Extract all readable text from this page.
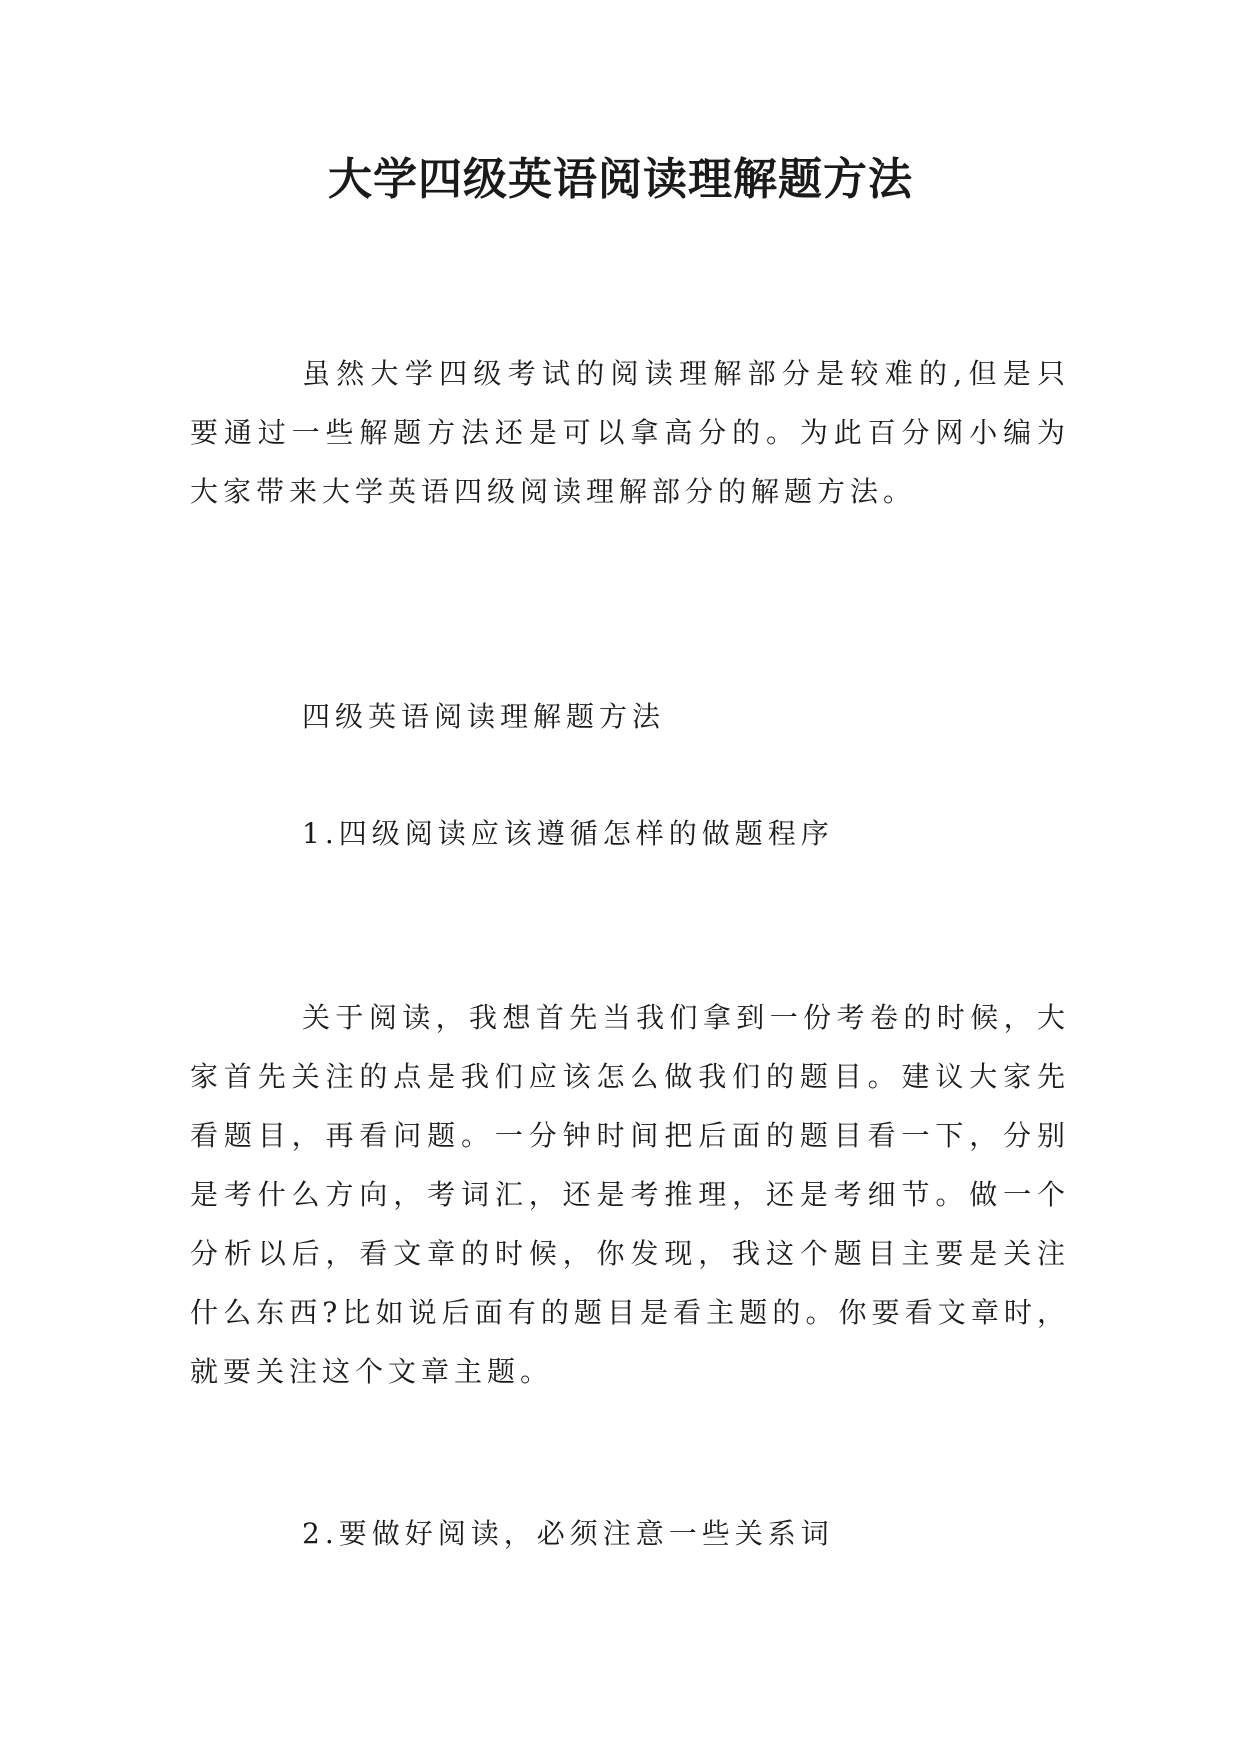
大学四级英语阅读理解题方法

虽然大学四级考试的阅读理解部分是较难的,但是只要通过一些解题方法还是可以拿高分的。为此百分网小编为大家带来大学英语四级阅读理解部分的解题方法。

四级英语阅读理解题方法

1.四级阅读应该遵循怎样的做题程序

关于阅读，我想首先当我们拿到一份考卷的时候，大家首先关注的点是我们应该怎么做我们的题目。建议大家先看题目，再看问题。一分钟时间把后面的题目看一下，分别是考什么方向，考词汇，还是考推理，还是考细节。做一个分析以后，看文章的时候，你发现，我这个题目主要是关注什么东西?比如说后面有的题目是看主题的。你要看文章时，就要关注这个文章主题。

2.要做好阅读，必须注意一些关系词
